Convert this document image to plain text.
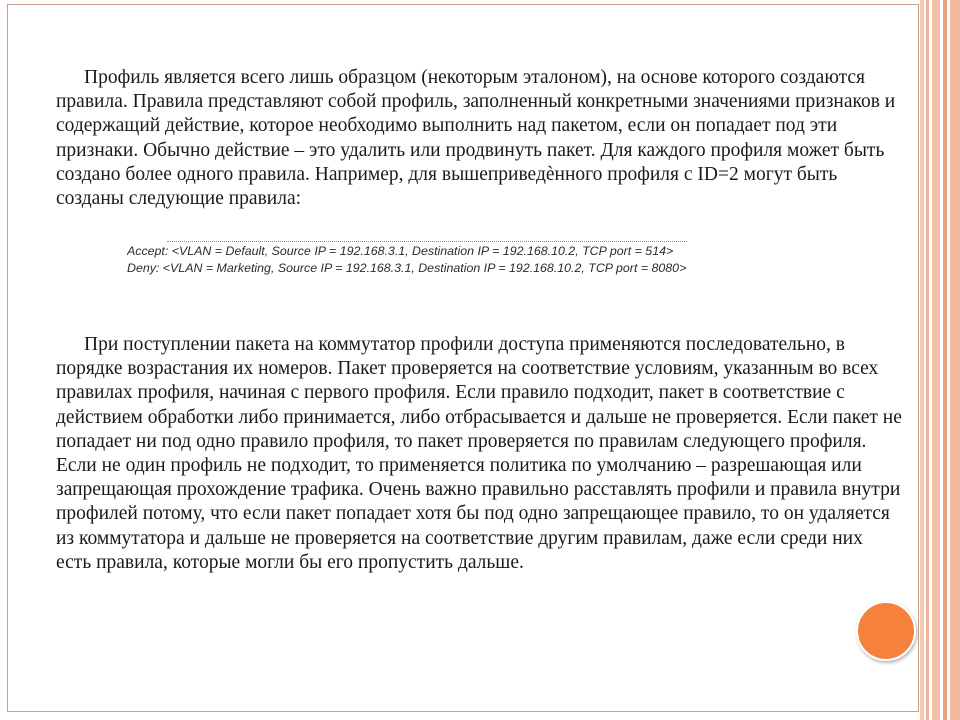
Профиль является всего лишь образцом (некоторым эталоном), на основе которого создаются правила. Правила представляют собой профиль, заполненный конкретными значениями признаков и содержащий действие, которое необходимо выполнить над пакетом, если он попадает под эти признаки. Обычно действие – это удалить или продвинуть пакет. Для каждого профиля может быть создано более одного правила. Например, для вышеприведѐнного профиля с ID=2 могут быть созданы следующие правила:

Accept: <VLAN = Default, Source IP = 192.168.3.1, Destination IP = 192.168.10.2, TCP port = 514>
Deny: <VLAN = Marketing, Source IP = 192.168.3.1, Destination IP = 192.168.10.2, TCP port = 8080>

При поступлении пакета на коммутатор профили доступа применяются последовательно, в порядке возрастания их номеров. Пакет проверяется на соответствие условиям, указанным во всех правилах профиля, начиная с первого профиля. Если правило подходит, пакет в соответствие с действием обработки либо принимается, либо отбрасывается и дальше не проверяется. Если пакет не попадает ни под одно правило профиля, то пакет проверяется по правилам следующего профиля. Если не один профиль не подходит, то применяется политика по умолчанию – разрешающая или запрещающая прохождение трафика. Очень важно правильно расставлять профили и правила внутри профилей потому, что если пакет попадает хотя бы под одно запрещающее правило, то он удаляется из коммутатора и дальше не проверяется на соответствие другим правилам, даже если среди них есть правила, которые могли бы его пропустить дальше.
